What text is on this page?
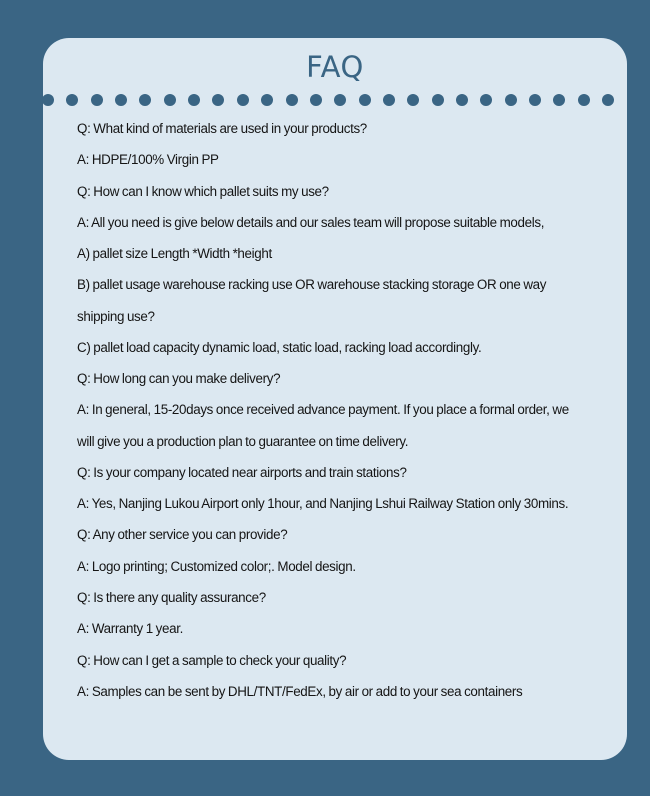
FAQ
Q: What kind of materials are used in your products?
A: HDPE/100% Virgin PP
Q: How can I know which pallet suits my use?
A: All you need is give below details and our sales team will propose suitable models,
A) pallet size Length *Width *height
B) pallet usage warehouse racking use OR warehouse stacking storage OR one way
shipping use?
C) pallet load capacity dynamic load, static load, racking load accordingly.
Q: How long can you make delivery?
A: In general, 15-20days once received advance payment. If you place a formal order, we
will give you a production plan to guarantee on time delivery.
Q: Is your company located near airports and train stations?
A: Yes, Nanjing Lukou Airport only 1hour, and Nanjing Lshui Railway Station only 30mins.
Q: Any other service you can provide?
A: Logo printing; Customized color;. Model design.
Q: Is there any quality assurance?
A: Warranty 1 year.
Q: How can I get a sample to check your quality?
A: Samples can be sent by DHL/TNT/FedEx, by air or add to your sea containers
